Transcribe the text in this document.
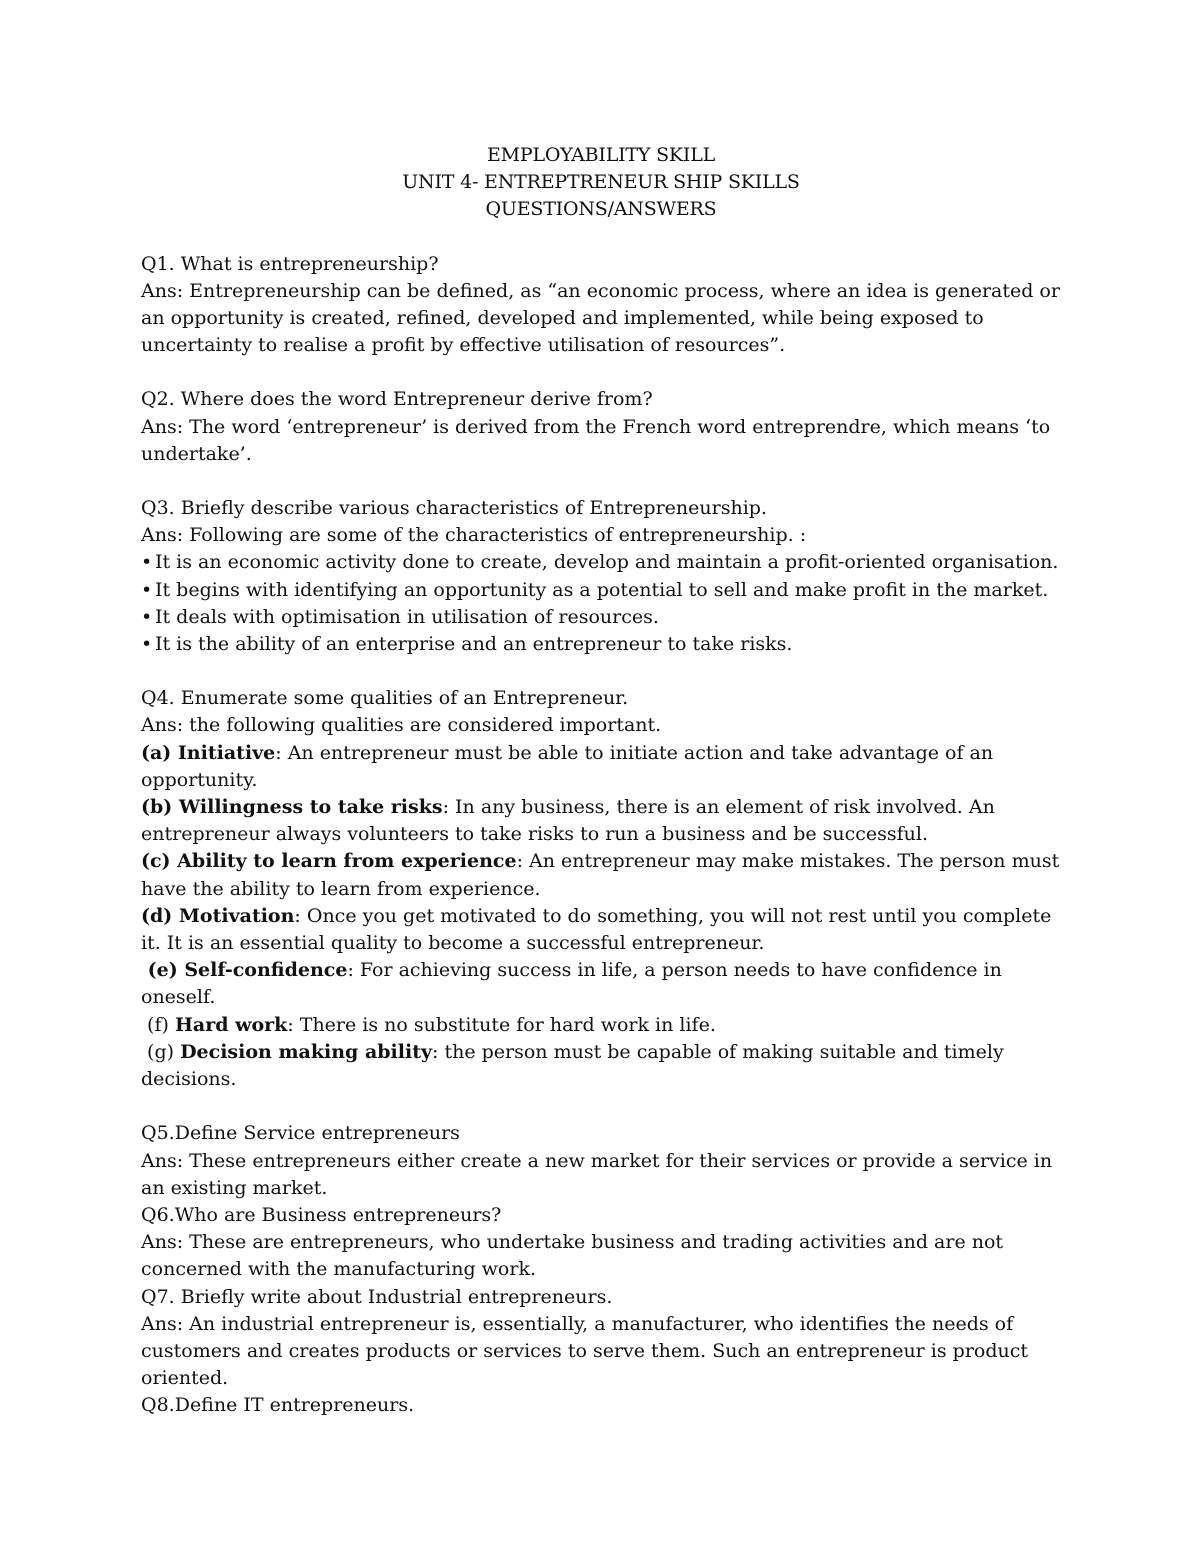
EMPLOYABILITY SKILL
UNIT 4- ENTREPTRENEUR SHIP SKILLS
QUESTIONS/ANSWERS
Q1. What is entrepreneurship?
Ans: Entrepreneurship can be defined, as “an economic process, where an idea is generated or an opportunity is created, refined, developed and implemented, while being exposed to uncertainty to realise a profit by effective utilisation of resources”.
Q2. Where does the word Entrepreneur derive from?
Ans: The word ‘entrepreneur’ is derived from the French word entreprendre, which means ‘to undertake’.
Q3. Briefly describe various characteristics of Entrepreneurship.
Ans: Following are some of the characteristics of entrepreneurship. :
• It is an economic activity done to create, develop and maintain a profit-oriented organisation.
• It begins with identifying an opportunity as a potential to sell and make profit in the market.
• It deals with optimisation in utilisation of resources.
• It is the ability of an enterprise and an entrepreneur to take risks.
Q4. Enumerate some qualities of an Entrepreneur.
Ans: the following qualities are considered important.
(a) Initiative: An entrepreneur must be able to initiate action and take advantage of an opportunity.
(b) Willingness to take risks: In any business, there is an element of risk involved. An entrepreneur always volunteers to take risks to run a business and be successful.
(c) Ability to learn from experience: An entrepreneur may make mistakes. The person must have the ability to learn from experience.
(d) Motivation: Once you get motivated to do something, you will not rest until you complete it. It is an essential quality to become a successful entrepreneur.
(e) Self-confidence: For achieving success in life, a person needs to have confidence in oneself.
(f) Hard work: There is no substitute for hard work in life.
(g) Decision making ability: the person must be capable of making suitable and timely decisions.
Q5.Define Service entrepreneurs
Ans: These entrepreneurs either create a new market for their services or provide a service in an existing market.
Q6.Who are Business entrepreneurs?
Ans: These are entrepreneurs, who undertake business and trading activities and are not concerned with the manufacturing work.
Q7. Briefly write about Industrial entrepreneurs.
Ans: An industrial entrepreneur is, essentially, a manufacturer, who identifies the needs of customers and creates products or services to serve them. Such an entrepreneur is product oriented.
Q8.Define IT entrepreneurs.
